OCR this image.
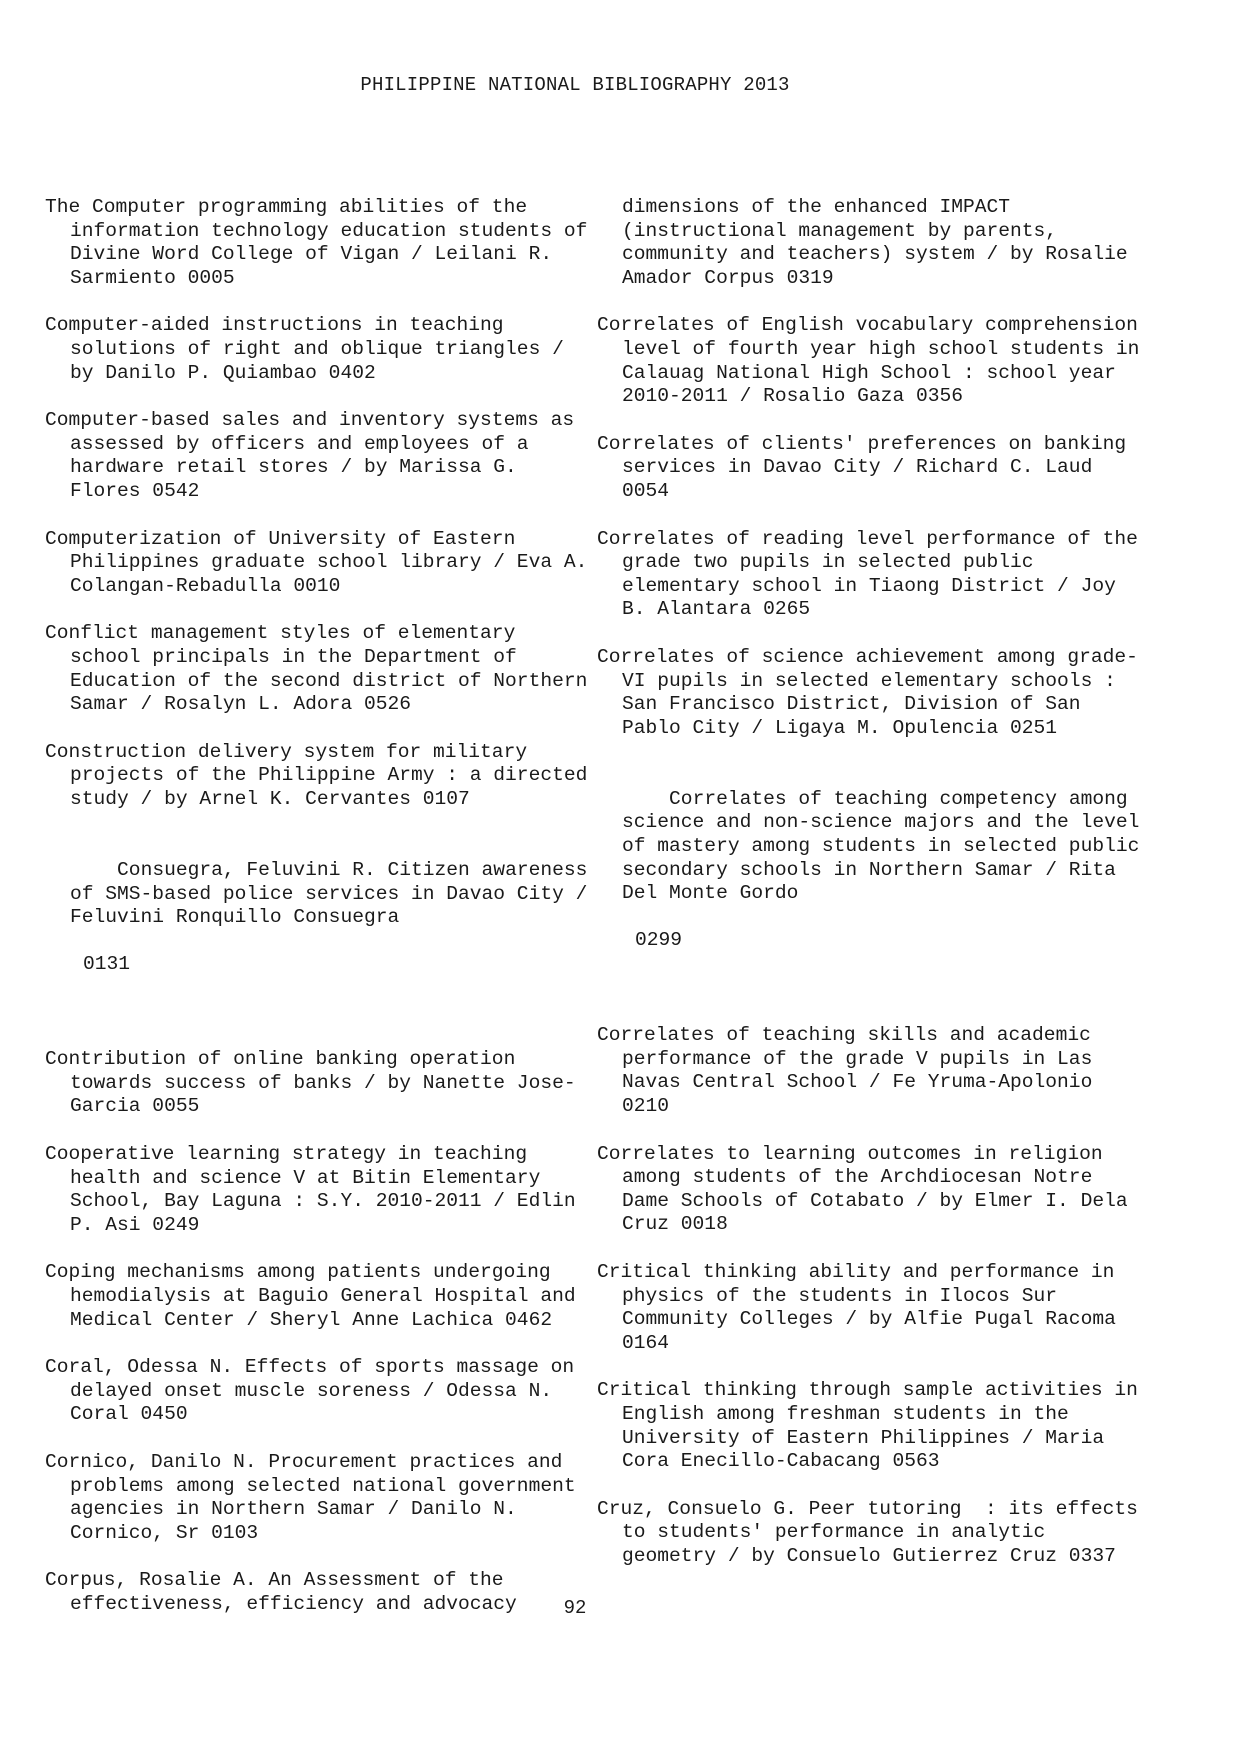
PHILIPPINE NATIONAL BIBLIOGRAPHY 2013
The Computer programming abilities of the information technology education students of Divine Word College of Vigan / Leilani R. Sarmiento 0005
Computer-aided instructions in teaching solutions of right and oblique triangles / by Danilo P. Quiambao 0402
Computer-based sales and inventory systems as assessed by officers and employees of a hardware retail stores / by Marissa G. Flores 0542
Computerization of University of Eastern Philippines graduate school library / Eva A. Colangan-Rebadulla 0010
Conflict management styles of elementary school principals in the Department of Education of the second district of Northern Samar / Rosalyn L. Adora 0526
Construction delivery system for military projects of the Philippine Army : a directed study / by Arnel K. Cervantes 0107

Consuegra, Feluvini R. Citizen awareness of SMS-based police services in Davao City / Feluvini Ronquillo Consuegra

0131

Contribution of online banking operation towards success of banks / by Nanette Jose-Garcia 0055
Cooperative learning strategy in teaching health and science V at Bitin Elementary School, Bay Laguna : S.Y. 2010-2011 / Edlin P. Asi 0249
Coping mechanisms among patients undergoing hemodialysis at Baguio General Hospital and Medical Center / Sheryl Anne Lachica 0462
Coral, Odessa N. Effects of sports massage on delayed onset muscle soreness / Odessa N. Coral 0450
Cornico, Danilo N. Procurement practices and problems among selected national government agencies in Northern Samar / Danilo N. Cornico, Sr 0103
Corpus, Rosalie A. An Assessment of the effectiveness, efficiency and advocacy
dimensions of the enhanced IMPACT (instructional management by parents, community and teachers) system / by Rosalie Amador Corpus 0319
Correlates of English vocabulary comprehension level of fourth year high school students in Calauag National High School : school year 2010-2011 / Rosalio Gaza 0356
Correlates of clients' preferences on banking services in Davao City / Richard C. Laud 0054
Correlates of reading level performance of the grade two pupils in selected public elementary school in Tiaong District / Joy B. Alantara 0265
Correlates of science achievement among grade-VI pupils in selected elementary schools : San Francisco District, Division of San Pablo City / Ligaya M. Opulencia 0251

Correlates of teaching competency among science and non-science majors and the level of mastery among students in selected public secondary schools in Northern Samar / Rita Del Monte Gordo

0299

Correlates of teaching skills and academic performance of the grade V pupils in Las Navas Central School / Fe Yruma-Apolonio 0210
Correlates to learning outcomes in religion among students of the Archdiocesan Notre Dame Schools of Cotabato / by Elmer I. Dela Cruz 0018
Critical thinking ability and performance in physics of the students in Ilocos Sur Community Colleges / by Alfie Pugal Racoma 0164
Critical thinking through sample activities in English among freshman students in the University of Eastern Philippines / Maria Cora Enecillo-Cabacang 0563
Cruz, Consuelo G. Peer tutoring  : its effects to students' performance in analytic geometry / by Consuelo Gutierrez Cruz 0337
92
